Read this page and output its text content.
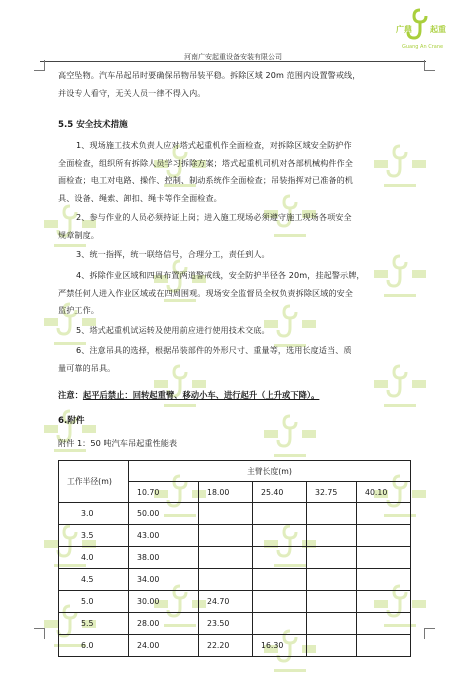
广鼎 起重
Guang An Crane
河南广安起重设备安装有限公司
高空坠物。汽车吊起吊时要确保吊物吊装平稳。拆除区域 20m 范围内设置警戒线，
并设专人看守，无关人员一律不得入内。
5.5 安全技术措施
1、现场施工技术负责人应对塔式起重机作全面检查，对拆除区域安全防护作
全面检查，组织所有拆除人员学习拆除方案；塔式起重机司机对各部机械构件作全
面检查；电工对电路、操作、控制、制动系统作全面检查；吊装指挥对已准备的机
具、设备、绳索、卸扣、绳卡等作全面检查。
2、参与作业的人员必须持证上岗；进入施工现场必须遵守施工现场各项安全
规章制度。
3、统一指挥，统一联络信号，合理分工，责任到人。
4、拆除作业区域和四周布置两道警戒线，安全防护半径各 20m，挂起警示牌，
严禁任何人进入作业区域或在四周围观。现场安全监督员全权负责拆除区域的安全
监护工作。
5、塔式起重机试运转及使用前应进行使用技术交底。
6、注意吊具的选择，根据吊装部件的外形尺寸、重量等，选用长度适当、质
量可靠的吊具。
注意：起平后禁止：回转起重臂、移动小车、进行起升（上升或下降）。
6.附件
附件 1：50 吨汽车吊起重性能表
工作半径(m)	主臂长度(m)				
	10.70	18.00	25.40	32.75	40.10
3.0	50.00				
3.5	43.00				
4.0	38.00				
4.5	34.00				
5.0	30.00	24.70			
5.5	28.00	23.50			
6.0	24.00	22.20	16.30		
